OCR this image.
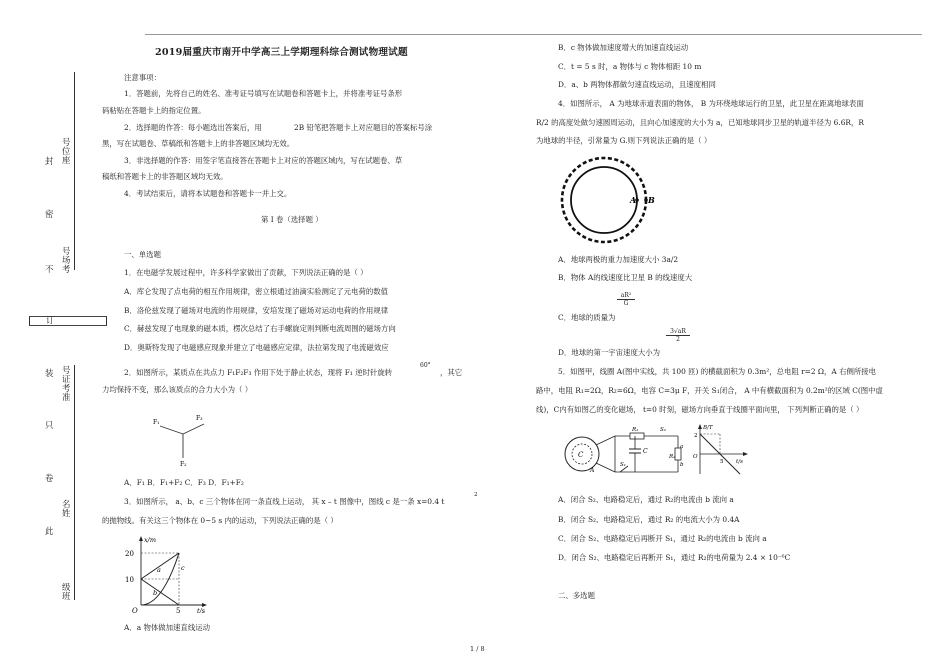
封
密
不
订
装
只
卷
此
号
位
座
号
场
考
号
证
考
准
名
姓
级
班
2019届重庆市南开中学高三上学期理科综合测试物理试题
注意事项：
1．答题前，先将自己的姓名、准考证号填写在试题卷和答题卡上，并将准考证号条形
码粘贴在答题卡上的指定位置。
2．选择题的作答：每小题选出答案后，用	2B 铅笔把答题卡上对应题目的答案标号涂
黑，写在试题卷、草稿纸和答题卡上的非答题区域均无效。
3．非选择题的作答：用签字笔直接答在答题卡上对应的答题区域内，写在试题卷、草
稿纸和答题卡上的非答题区域均无效。
4．考试结束后，请将本试题卷和答题卡一并上交。
第 I 卷（选择题 ）
一、单选题
1．在电磁学发展过程中，许多科学家做出了贡献，下列说法正确的是（ ）
A．库仑发现了点电荷的相互作用规律，密立根通过油滴实验测定了元电荷的数值
B．洛伦兹发现了磁场对电流的作用规律，安培发现了磁场对运动电荷的作用规律
C．赫兹发现了电现象的磁本质，楞次总结了右手螺旋定则判断电流周围的磁场方向
D．奥斯特发现了电磁感应现象并建立了电磁感应定律，法拉第发现了电流磁效应
2．如图所示，某质点在共点力 F₁F₂F₃ 作用下处于静止状态，现将 F₁ 逆时针旋转
60°
，其它
力均保持不变，那么该质点的合力大小为（ ）
F₁
F₃
F₂
A．F₁ B．F₁+F₂ C．F₃ D．F₁+F₂
3．如图所示， a、b、c 三个物体在同一条直线上运动， 其 x – t 图像中，图线 c 是一条 x=0.4 t
2
的抛物线。有关这三个物体在 0~5 s 内的运动，下列说法正确的是（ ）
x/m
t/s
20
10
O	5
a
b
c
A．a 物体做加速直线运动
B．c 物体做加速度增大的加速直线运动
C．t = 5 s 时，a 物体与 c 物体相距 10 m
D．a、b 两物体都做匀速直线运动，且速度相同
4．如图所示， A 为地球赤道表面的物体， B 为环绕地球运行的卫星，此卫星在距离地球表面
R/2 的高度处做匀速圆周运动，且向心加速度的大小为 a，已知地球同步卫星的轨道半径为 6.6R，R
为地球的半径，引常量为 G.则下列说法正确的是（ ）
A B
A．地球两极的重力加速度大小 3a/2
B．物体 A的线速度比卫星 B 的线速度大
C．地球的质量为
$\frac{\text{aR²}}{G}$
D．地球的第一宇宙速度大小为
$\frac{3√aR}{2}$
5．如图甲，线圈 A(图中实线，共 100 匝) 的横截面积为 0.3m²，总电阻 r=2 Ω，A 右侧所接电
路中，电阻 R₁=2Ω，R₂=6Ω，电容 C=3μ F，开关 S₁闭合， A 中有横截面积为 0.2m²的区域 C(图中虚
线)，C内有如图乙的变化磁场， t=0 时刻，磁场方向垂直于线圈平面向里， 下列判断正确的是（ ）
C
A
R₁	S₂
C
R₂
S₁
a
b
B/T
2
5 t/s
O
A．闭合 S₂、电路稳定后，通过 R₂的电流由 b 流向 a
B．闭合 S₂、电路稳定后，通过 R₂ 的电流大小为 0.4A
C．闭合 S₂、电路稳定后再断开 S₁，通过 R₂的电流由 b 流向 a
D．闭合 S₂、电路稳定后再断开 S₁，通过 R₂的电荷量为 2.4 × 10⁻⁶C
二、多选题
1 / 8
